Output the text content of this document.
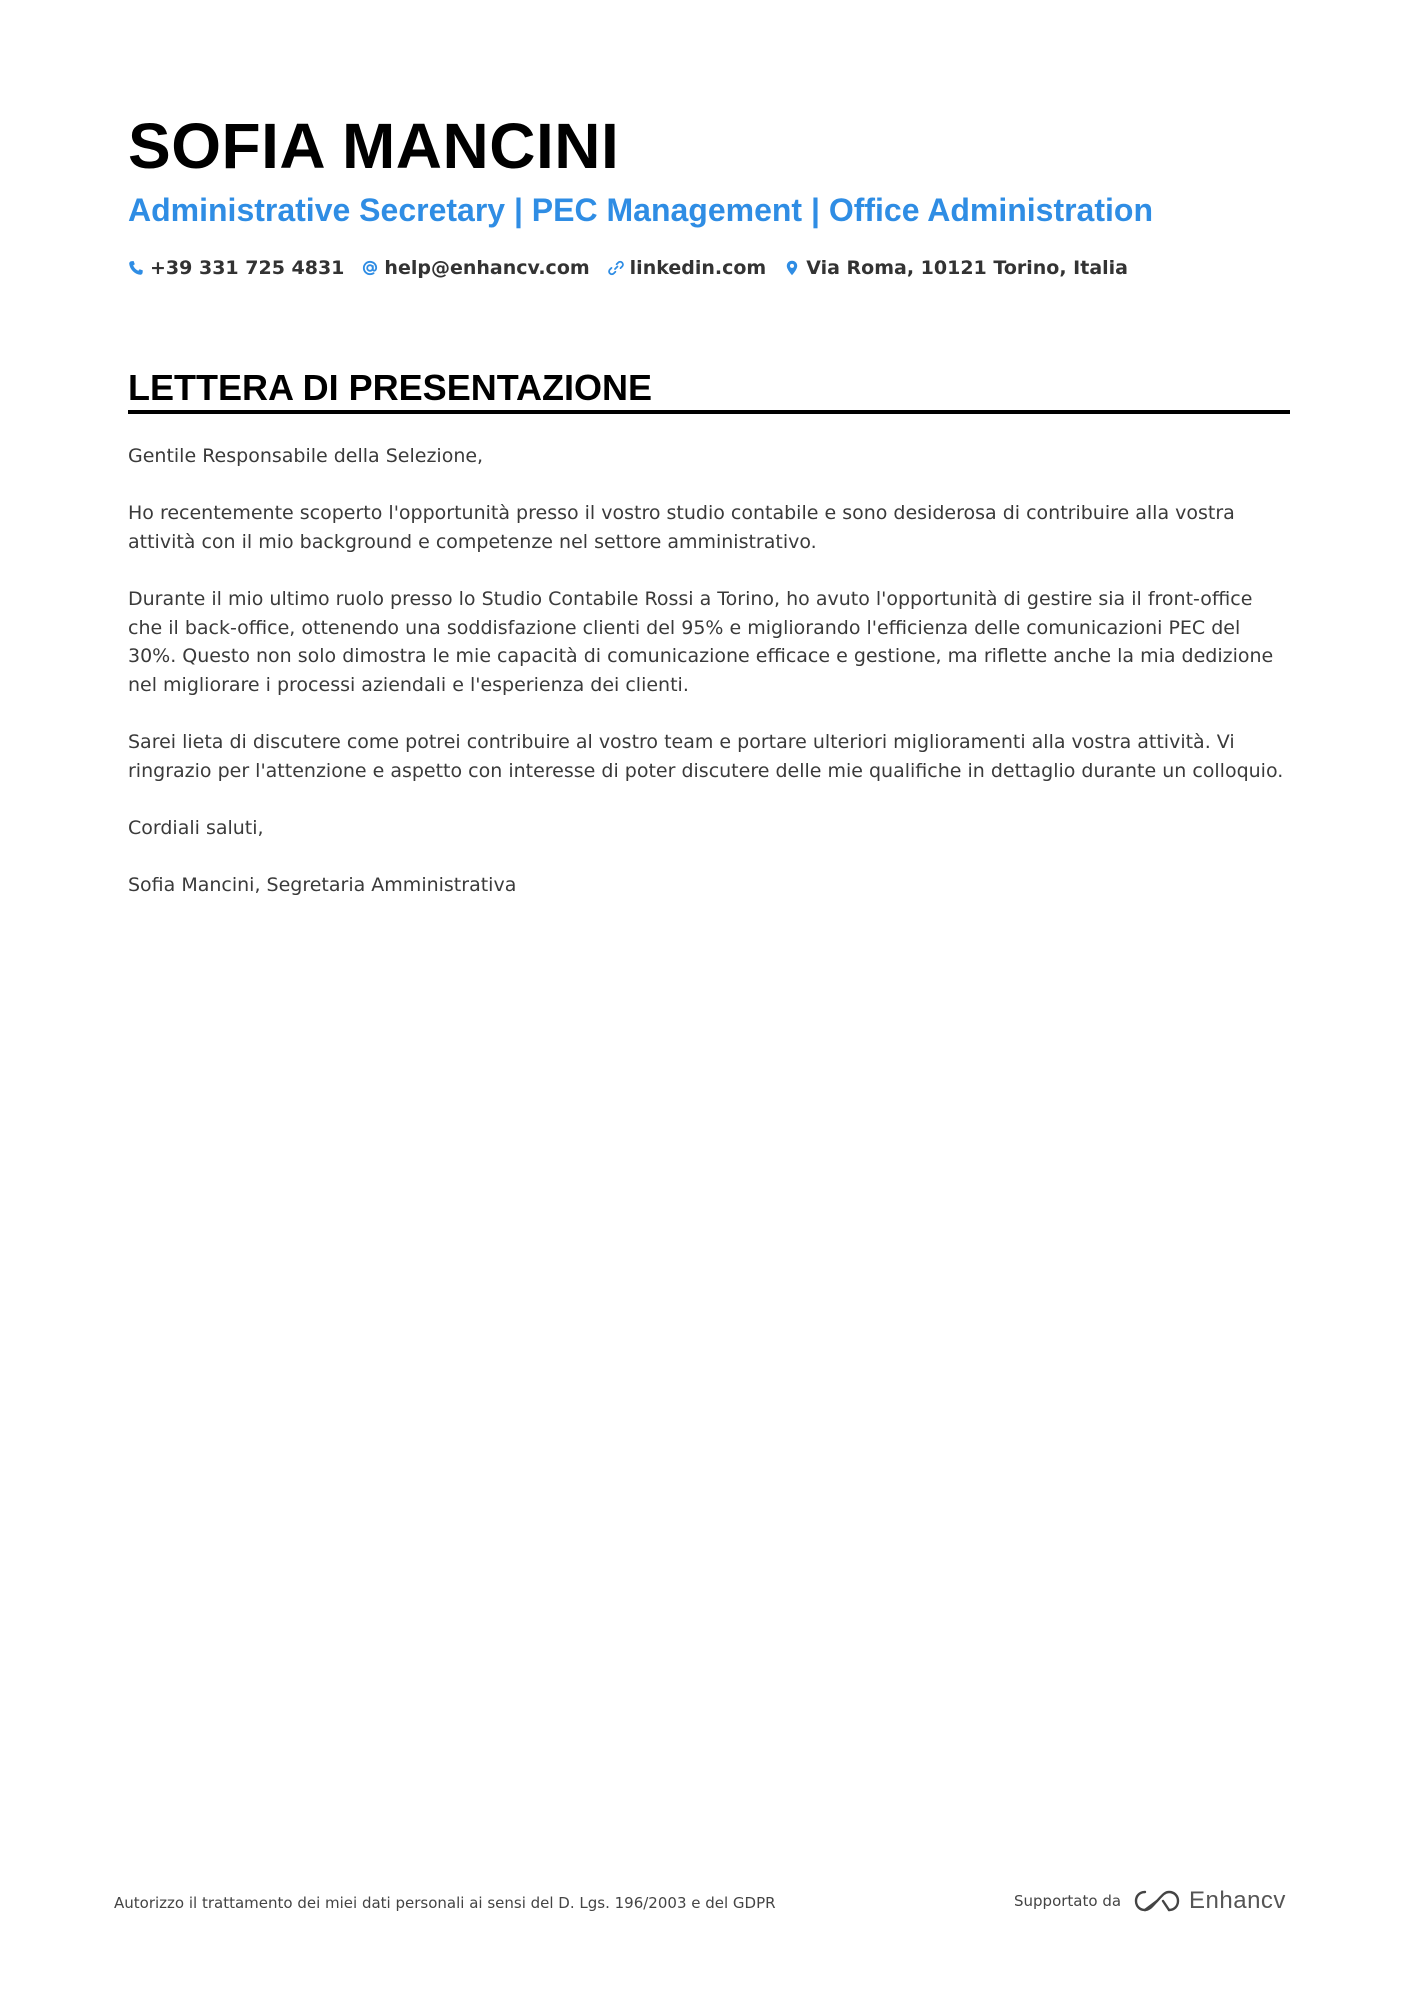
SOFIA MANCINI
Administrative Secretary | PEC Management | Office Administration
+39 331 725 4831 help@enhancv.com linkedin.com Via Roma, 10121 Torino, Italia
LETTERA DI PRESENTAZIONE

Gentile Responsabile della Selezione,

Ho recentemente scoperto l'opportunità presso il vostro studio contabile e sono desiderosa di contribuire alla vostra attività con il mio background e competenze nel settore amministrativo.

Durante il mio ultimo ruolo presso lo Studio Contabile Rossi a Torino, ho avuto l'opportunità di gestire sia il front-office che il back-office, ottenendo una soddisfazione clienti del 95% e migliorando l'efficienza delle comunicazioni PEC del 30%. Questo non solo dimostra le mie capacità di comunicazione efficace e gestione, ma riflette anche la mia dedizione nel migliorare i processi aziendali e l'esperienza dei clienti.

Sarei lieta di discutere come potrei contribuire al vostro team e portare ulteriori miglioramenti alla vostra attività. Vi ringrazio per l'attenzione e aspetto con interesse di poter discutere delle mie qualifiche in dettaglio durante un colloquio.

Cordiali saluti,

Sofia Mancini, Segretaria Amministrativa

Autorizzo il trattamento dei miei dati personali ai sensi del D. Lgs. 196/2003 e del GDPR	Supportato da	Enhancv
